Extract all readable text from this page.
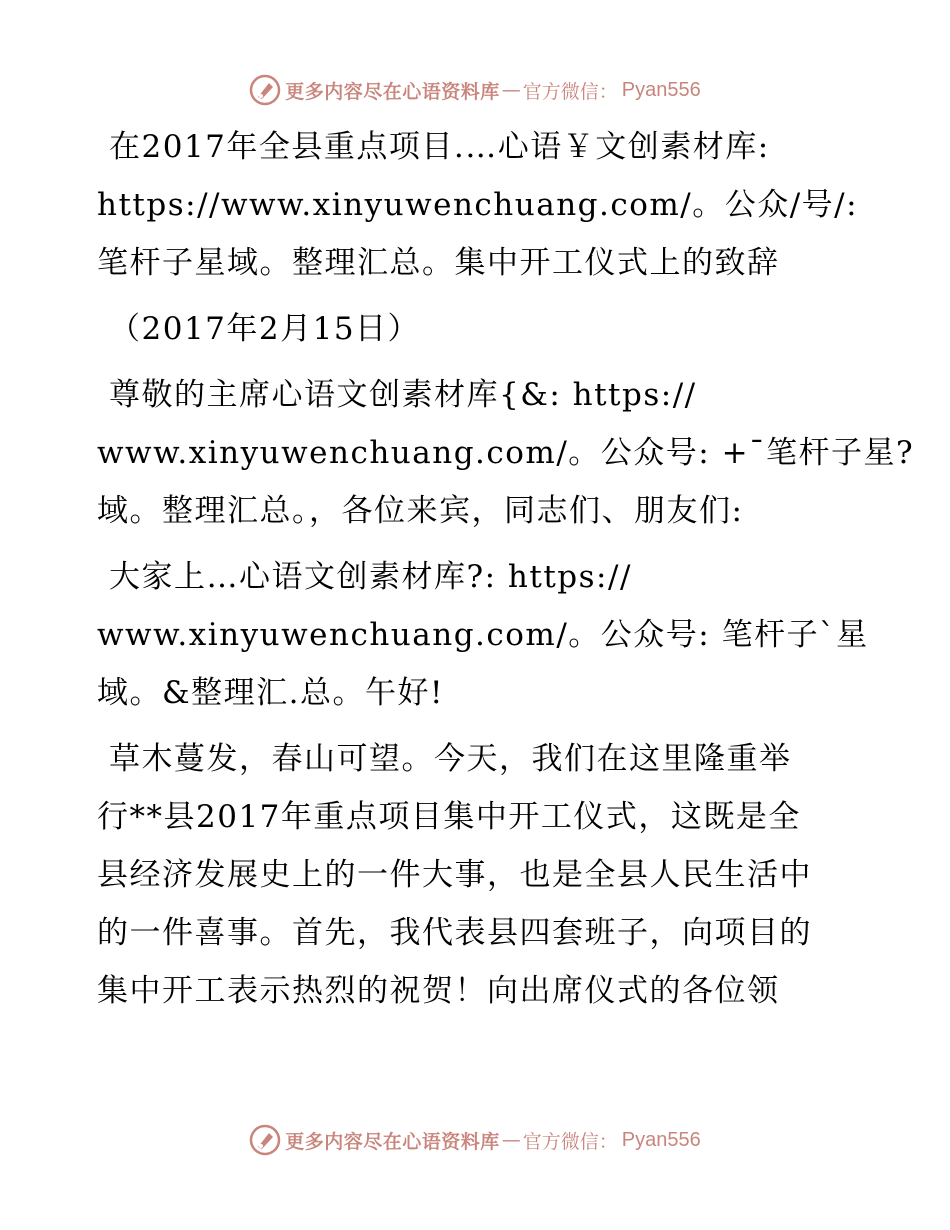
更多内容尽在心语资料库 — 官方微信： Pyan556
在2017年全县重点项目.…心语￥文创素材库:
https://www.xinyuwenchuang.com/。公众/号/:
笔杆子星域。整理汇总。集中开工仪式上的致辞
（2017年2月15日）
尊敬的主席心语文创素材库{&: https://
www.xinyuwenchuang.com/。公众号: +¯笔杆子星?
域。整理汇总。，各位来宾，同志们、朋友们:
大家上…心语文创素材库?: https://
www.xinyuwenchuang.com/。公众号: 笔杆子`星
域。&整理汇.总。午好!
草木蔓发，春山可望。今天，我们在这里隆重举
行**县2017年重点项目集中开工仪式，这既是全
县经济发展史上的一件大事，也是全县人民生活中
的一件喜事。首先，我代表县四套班子，向项目的
集中开工表示热烈的祝贺！向出席仪式的各位领
更多内容尽在心语资料库 — 官方微信： Pyan556
